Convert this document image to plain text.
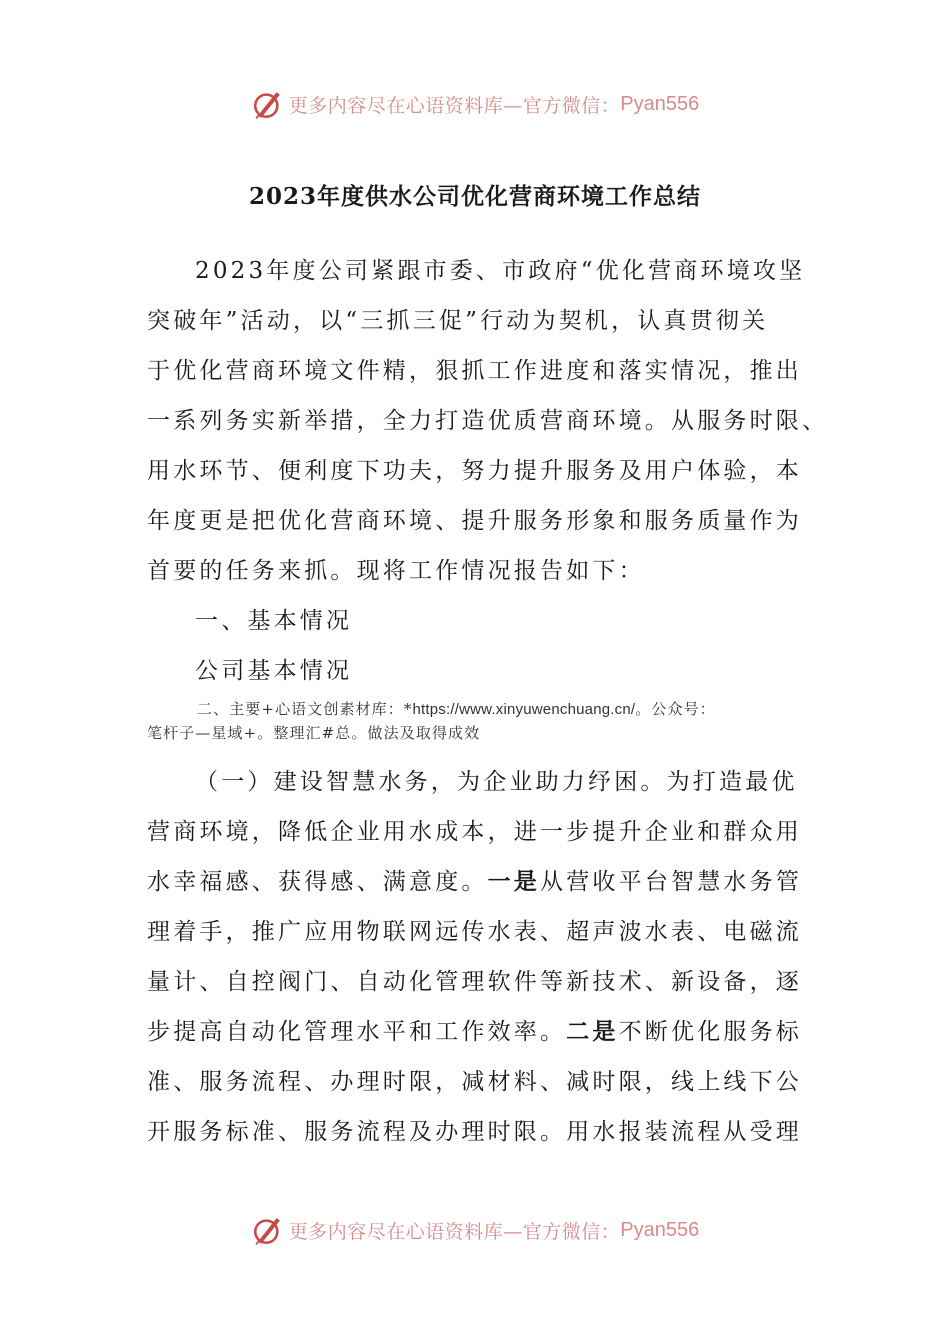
更多内容尽在心语资料库—官方微信： Pyan556
2023年度供水公司优化营商环境工作总结
2023年度公司紧跟市委、市政府“优化营商环境攻坚
突破年”活动，以“三抓三促”行动为契机，认真贯彻关
于优化营商环境文件精，狠抓工作进度和落实情况，推出
一系列务实新举措，全力打造优质营商环境。从服务时限、
用水环节、便利度下功夫，努力提升服务及用户体验，本
年度更是把优化营商环境、提升服务形象和服务质量作为
首要的任务来抓。现将工作情况报告如下：
一、基本情况
公司基本情况
二、主要+心语文创素材库：*https://www.xinyuwenchuang.cn/。公众号：
笔杆子—星域+。整理汇#总。做法及取得成效
（一）建设智慧水务，为企业助力纾困。为打造最优
营商环境，降低企业用水成本，进一步提升企业和群众用
水幸福感、获得感、满意度。一是从营收平台智慧水务管
理着手，推广应用物联网远传水表、超声波水表、电磁流
量计、自控阀门、自动化管理软件等新技术、新设备，逐
步提高自动化管理水平和工作效率。二是不断优化服务标
准、服务流程、办理时限，减材料、减时限，线上线下公
开服务标准、服务流程及办理时限。用水报装流程从受理
更多内容尽在心语资料库—官方微信： Pyan556
